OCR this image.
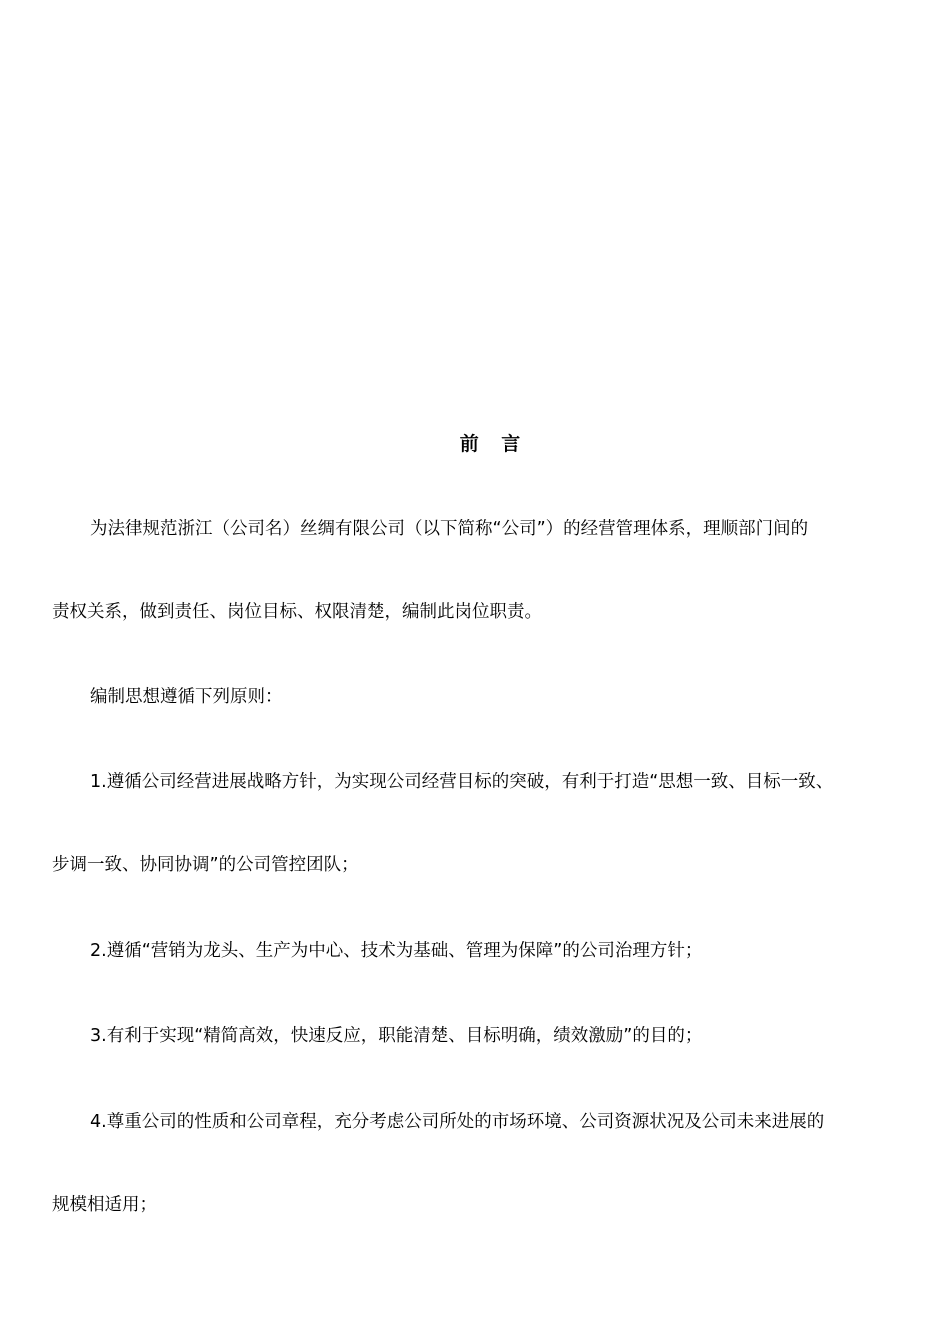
前 言

为法律规范浙江（公司名）丝绸有限公司（以下简称“公司”）的经营管理体系，理顺部门间的

责权关系，做到责任、岗位目标、权限清楚，编制此岗位职责。

编制思想遵循下列原则：

1.遵循公司经营进展战略方针，为实现公司经营目标的突破，有利于打造“思想一致、目标一致、

步调一致、协同协调”的公司管控团队；

2.遵循“营销为龙头、生产为中心、技术为基础、管理为保障”的公司治理方针；

3.有利于实现“精简高效，快速反应，职能清楚、目标明确，绩效激励”的目的；

4.尊重公司的性质和公司章程，充分考虑公司所处的市场环境、公司资源状况及公司未来进展的

规模相适用；
